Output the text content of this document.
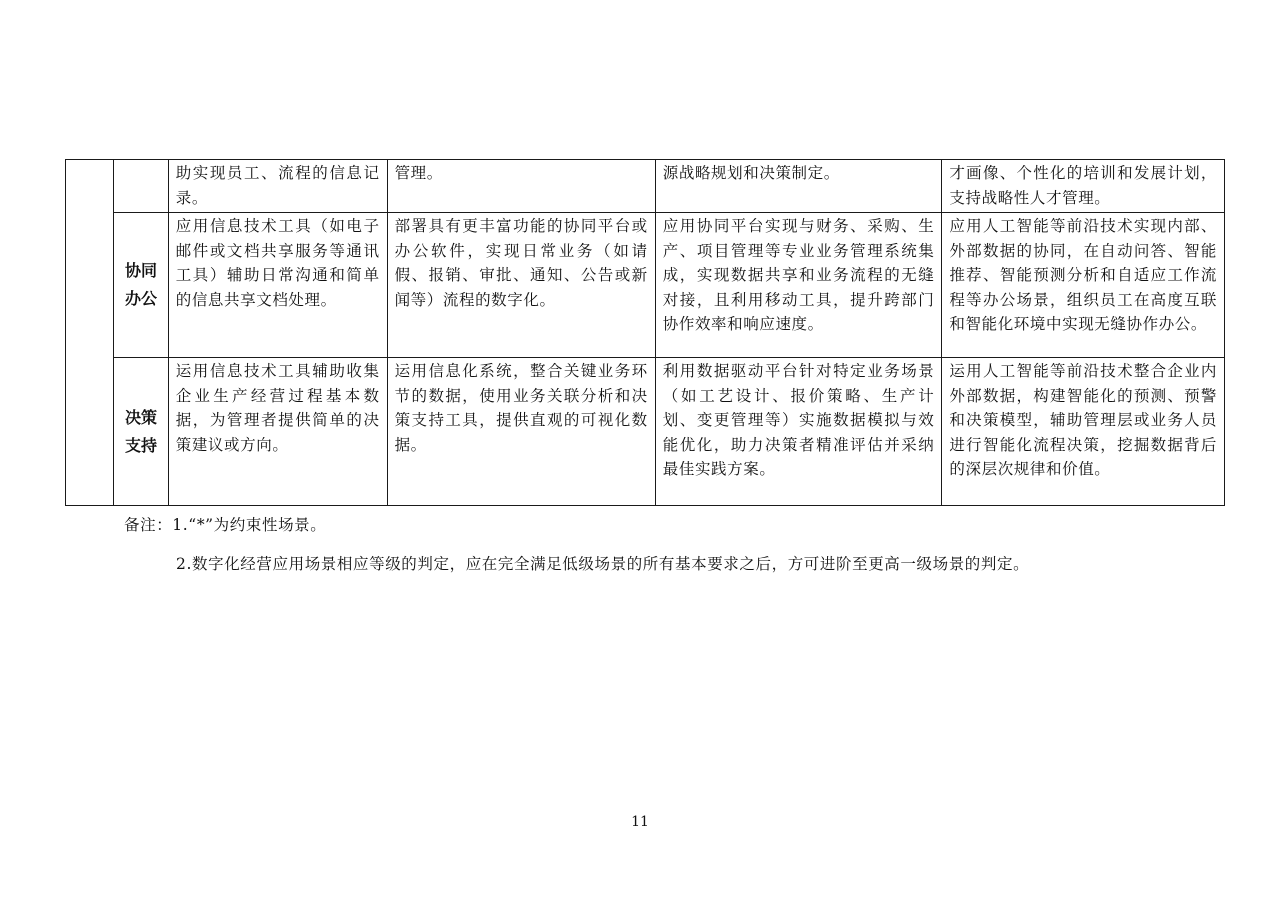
		助实现员工、流程的信息记录。	管理。	源战略规划和决策制定。	才画像、个性化的培训和发展计划，支持战略性人才管理。
	协同办公	应用信息技术工具（如电子邮件或文档共享服务等通讯工具）辅助日常沟通和简单的信息共享文档处理。	部署具有更丰富功能的协同平台或办公软件，实现日常业务（如请假、报销、审批、通知、公告或新闻等）流程的数字化。	应用协同平台实现与财务、采购、生产、项目管理等专业业务管理系统集成，实现数据共享和业务流程的无缝对接，且利用移动工具，提升跨部门协作效率和响应速度。	应用人工智能等前沿技术实现内部、外部数据的协同，在自动问答、智能推荐、智能预测分析和自适应工作流程等办公场景，组织员工在高度互联和智能化环境中实现无缝协作办公。
	决策支持	运用信息技术工具辅助收集企业生产经营过程基本数据，为管理者提供简单的决策建议或方向。	运用信息化系统，整合关键业务环节的数据，使用业务关联分析和决策支持工具，提供直观的可视化数据。	利用数据驱动平台针对特定业务场景（如工艺设计、报价策略、生产计划、变更管理等）实施数据模拟与效能优化，助力决策者精准评估并采纳最佳实践方案。	运用人工智能等前沿技术整合企业内外部数据，构建智能化的预测、预警和决策模型，辅助管理层或业务人员进行智能化流程决策，挖掘数据背后的深层次规律和价值。
备注：1.“*”为约束性场景。
2.数字化经营应用场景相应等级的判定，应在完全满足低级场景的所有基本要求之后，方可进阶至更高一级场景的判定。
11
